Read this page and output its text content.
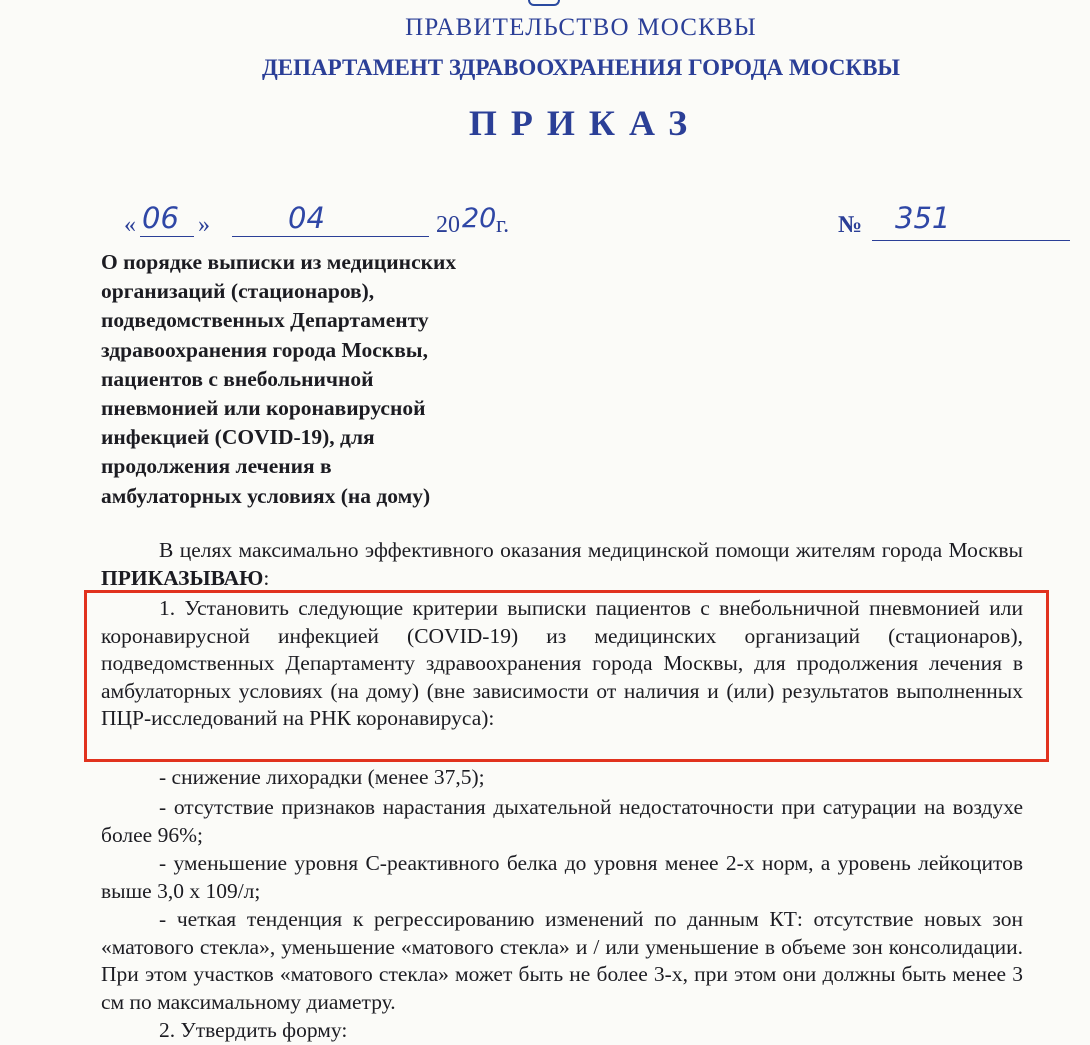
ПРАВИТЕЛЬСТВО МОСКВЫ
ДЕПАРТАМЕНТ ЗДРАВООХРАНЕНИЯ ГОРОДА МОСКВЫ
ПРИКАЗ
« 06 »	04	20 20 г.	№ 351
О порядке выписки из медицинских
организаций (стационаров),
подведомственных Департаменту
здравоохранения города Москвы,
пациентов с внебольничной
пневмонией или коронавирусной
инфекцией (COVID-19), для
продолжения лечения в
амбулаторных условиях (на дому)
В целях максимально эффективного оказания медицинской помощи жителям города Москвы ПРИКАЗЫВАЮ:
1. Установить следующие критерии выписки пациентов с внебольничной пневмонией или коронавирусной инфекцией (COVID-19) из медицинских организаций (стационаров), подведомственных Департаменту здравоохранения города Москвы, для продолжения лечения в амбулаторных условиях (на дому) (вне зависимости от наличия и (или) результатов выполненных ПЦР-исследований на РНК коронавируса):
- снижение лихорадки (менее 37,5);
- отсутствие признаков нарастания дыхательной недостаточности при сатурации на воздухе более 96%;
- уменьшение уровня С-реактивного белка до уровня менее 2-х норм, а уровень лейкоцитов выше 3,0 х 109/л;
- четкая тенденция к регрессированию изменений по данным КТ: отсутствие новых зон «матового стекла», уменьшение «матового стекла» и / или уменьшение в объеме зон консолидации. При этом участков «матового стекла» может быть не более 3-х, при этом они должны быть менее 3 см по максимальному диаметру.
2. Утвердить форму:
